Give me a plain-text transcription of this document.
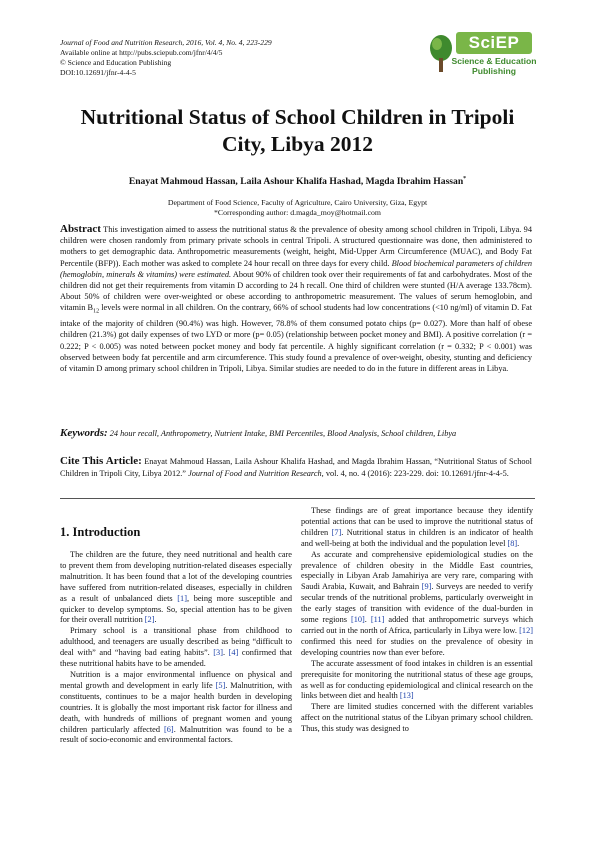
Journal of Food and Nutrition Research, 2016, Vol. 4, No. 4, 223-229
Available online at http://pubs.sciepub.com/jfnr/4/4/5
© Science and Education Publishing
DOI:10.12691/jfnr-4-4-5
SciEP
Science & Education
Publishing
Nutritional Status of School Children in Tripoli City, Libya 2012
Enayat Mahmoud Hassan, Laila Ashour Khalifa Hashad, Magda Ibrahim Hassan*
Department of Food Science, Faculty of Agriculture, Cairo University, Giza, Egypt
*Corresponding author: d.magda_moy@hotmail.com
Abstract This investigation aimed to assess the nutritional status & the prevalence of obesity among school children in Tripoli, Libya. 94 children were chosen randomly from primary private schools in central Tripoli. A structured questionnaire was done, then administered to mothers to get demographic data. Anthropometric measurements (weight, height, Mid-Upper Arm Circumference (MUAC), and Body Fat Percentile (BFP)). Each mother was asked to complete 24 hour recall on three days for every child. Blood biochemical parameters of children (hemoglobin, minerals & vitamins) were estimated. About 90% of children took over their requirements of fat and carbohydrates. Most of the children did not get their requirements from vitamin D according to 24 h recall. One third of children were stunted (H/A average 133.78cm). About 50% of children were over-weighted or obese according to anthropometric measurement. The values of serum hemoglobin, and vitamin $B_{12}$ levels were normal in all children. On the contrary, 66% of school students had low concentrations (<10 ng/ml) of vitamin D. Fat intake of the majority of children (90.4%) was high. However, 78.8% of them consumed potato chips (p= 0.027). More than half of obese children (21.3%) got daily expenses of two LYD or more (p= 0.05) (relationship between pocket money and BMI). A positive correlation (r = 0.222; P < 0.005) was noted between pocket money and body fat percentile. A highly significant correlation (r = 0.332; P < 0.001) was observed between body fat percentile and arm circumference. This study found a prevalence of over-weight, obesity, stunting and deficiency of vitamin D among primary school children in Tripoli, Libya. Similar studies are needed to do in the future in different areas in Libya.
Keywords: 24 hour recall, Anthropometry, Nutrient Intake, BMI Percentiles, Blood Analysis, School children, Libya
Cite This Article: Enayat Mahmoud Hassan, Laila Ashour Khalifa Hashad, and Magda Ibrahim Hassan, “Nutritional Status of School Children in Tripoli City, Libya 2012.” Journal of Food and Nutrition Research, vol. 4, no. 4 (2016): 223-229. doi: 10.12691/jfnr-4-4-5.
1. Introduction

The children are the future, they need nutritional and health care to prevent them from developing nutrition-related diseases especially malnutrition. It has been found that a lot of the developing countries have suffered from nutrition-related diseases, especially in children as a result of unbalanced diets [1], being more susceptible and quicker to develop symptoms. So, special attention has to be given for their overall nutrition [2].

Primary school is a transitional phase from childhood to adulthood, and teenagers are usually described as being “difficult to deal with” and “having bad eating habits”. [3]. [4] confirmed that these nutritional habits have to be amended.

Nutrition is a major environmental influence on physical and mental growth and development in early life [5]. Malnutrition, with constituents, continues to be a major health burden in developing countries. It is globally the most important risk factor for illness and death, with hundreds of millions of pregnant women and young children particularly affected [6]. Malnutrition was found to be a result of socio-economic and environmental factors.

These findings are of great importance because they identify potential actions that can be used to improve the nutritional status of children [7]. Nutritional status in children is an indicator of health and well-being at both the individual and the population level [8].

As accurate and comprehensive epidemiological studies on the prevalence of children obesity in the Middle East countries, especially in Libyan Arab Jamahiriya are very rare, comparing with Saudi Arabia, Kuwait, and Bahrain [9]. Surveys are needed to verify secular trends of the nutritional problems, particularly overweight in the early stages of transition with evidence of the dual-burden in some regions [10]. [11] added that anthropometric surveys which carried out in the north of Africa, particularly in Libya were low. [12] confirmed this need for studies on the prevalence of obesity in developing countries now than ever before.

The accurate assessment of food intakes in children is an essential prerequisite for monitoring the nutritional status of these age groups, as well as for conducting epidemiological and clinical research on the links between diet and health [13]

There are limited studies concerned with the different variables affect on the nutritional status of the Libyan primary school children. Thus, this study was designed to
